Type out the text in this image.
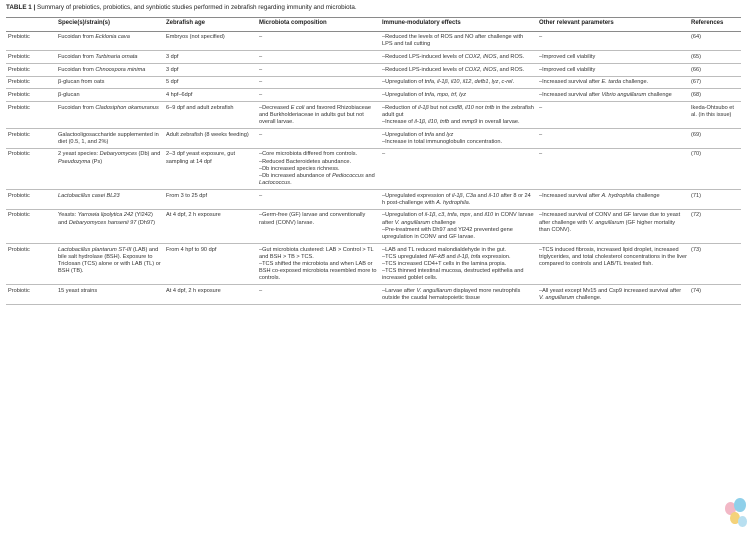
TABLE 1 | Summary of prebiotics, probiotics, and synbiotic studies performed in zebrafish regarding immunity and microbiota.
	Specie(s)/strain(s)	Zebrafish age	Microbiota composition	Immune-modulatory effects	Other relevant parameters	References
Prebiotic	Fucoidan from Ecklonia cava	Embryos (not specified)	–	–Reduced the levels of ROS and NO after challenge with LPS and tail cutting	–	(64)
Prebiotic	Fucoidan from Turbinaria ornata	3 dpf	–	–Reduced LPS-induced levels of COX2, iNOS, and ROS.	–Improved cell viability	(65)
Prebiotic	Fucoidan from Chnoospora minima	3 dpf	–	–Reduced LPS-induced levels of COX2, iNOS, and ROS.	–Improved cell viability	(66)
Prebiotic	β-glucan from oats	5 dpf	–	–Upregulation of tnfa, il-1β, il10, il12, defb1, lyz, c-rel.	–Increased survival after E. tarda challenge.	(67)
Prebiotic	β-glucan	4 hpf–6dpf	–	–Upregulation of tnfa, mpo, trf, lyz	–Increased survival after Vibrio anguillarum challenge	(68)
Prebiotic	Fucoidan from Cladosiphon okamuranus	6–9 dpf and adult zebrafish	–Decreased E coli and favored Rhizobiaceae and Burkholderiaceae in adults gut but not overall larvae.	–Reduction of il-1β but not cxdl8, il10 nor tnfb in the zebrafish adult gut
–Increase of il-1β, il10, tnfb and mmp9 in overall larvae.	–	Ikeda-Ohtsubo et al. (in this issue)
Prebiotic	Galactooligosaccharide supplemented in diet (0.5, 1, and 2%)	Adult zebrafish (8 weeks feeding)	–	–Upregulation of tnfa and lyz
–Increase in total immunoglobulin concentration.	–	(69)
Probiotic	2 yeast species: Debaryomyces (Db) and Pseudozyma (Ps)	2–3 dpf yeast exposure, gut sampling at 14 dpf	–Core microbiota differed from controls.
–Reduced Bacteroidetes abundance.
–Db increased species richness.
–Db increased abundance of Pediococcus and Lactococcus.	–	–	(70)
Probiotic	Lactobacillus casei BL23	From 3 to 25 dpf	–	–Upregulated expression of il-1β, C3a and il-10 after 8 or 24 h post-challenge with A. hydrophila.	–Increased survival after A. hydrophila challenge	(71)
Probiotic	Yeasts: Yarrowia lipolytica 242 (Yl242) and Debaryomyces hansenii 97 (Dh97)	At 4 dpf, 2 h exposure	–Germ-free (GF) larvae and conventionally raised (CONV) larvae.	–Upregulation of il-1β, c3, tnfa, mpx, and il10 in CONV larvae after V. anguillarum challenge
–Pre-treatment with Dh97 and Yl242 prevented gene upregulation in CONV and GF larvae.	–Increased survival of CONV and GF larvae due to yeast after challenge with V. anguillarum (GF higher mortality than CONV).	(72)
Probiotic	Lactobacillus plantarum ST-III (LAB) and bile salt hydrolase (BSH). Exposure to Triclosan (TCS) alone or with LAB (TL) or BSH (TB).	From 4 hpf to 90 dpf	–Gut microbiota clustered: LAB > Control > TL and BSH > TB > TCS.
–TCS shifted the microbiota and when LAB or BSH co-exposed microbiota resembled more to controls.	–LAB and TL reduced malondialdehyde in the gut.
–TCS upregulated NF-kB and il-1β, tnfa expression.
–TCS increased CD4+T cells in the lamina propia.
–TCS thinned intestinal mucosa, destructed epithelia and increased goblet cells.	–TCS induced fibrosis, increased lipid droplet, increased triglycerides, and total cholesterol concentrations in the liver compared to controls and LAB/TL treated fish.	(73)
Probiotic	15 yeast strains	At 4 dpf, 2 h exposure	–	–Larvae after V. anguillarum displayed more neutrophils outside the caudal hematopoietic tissue	–All yeast except Mv15 and Csp9 increased survival after V. anguillarum challenge.	(74)
